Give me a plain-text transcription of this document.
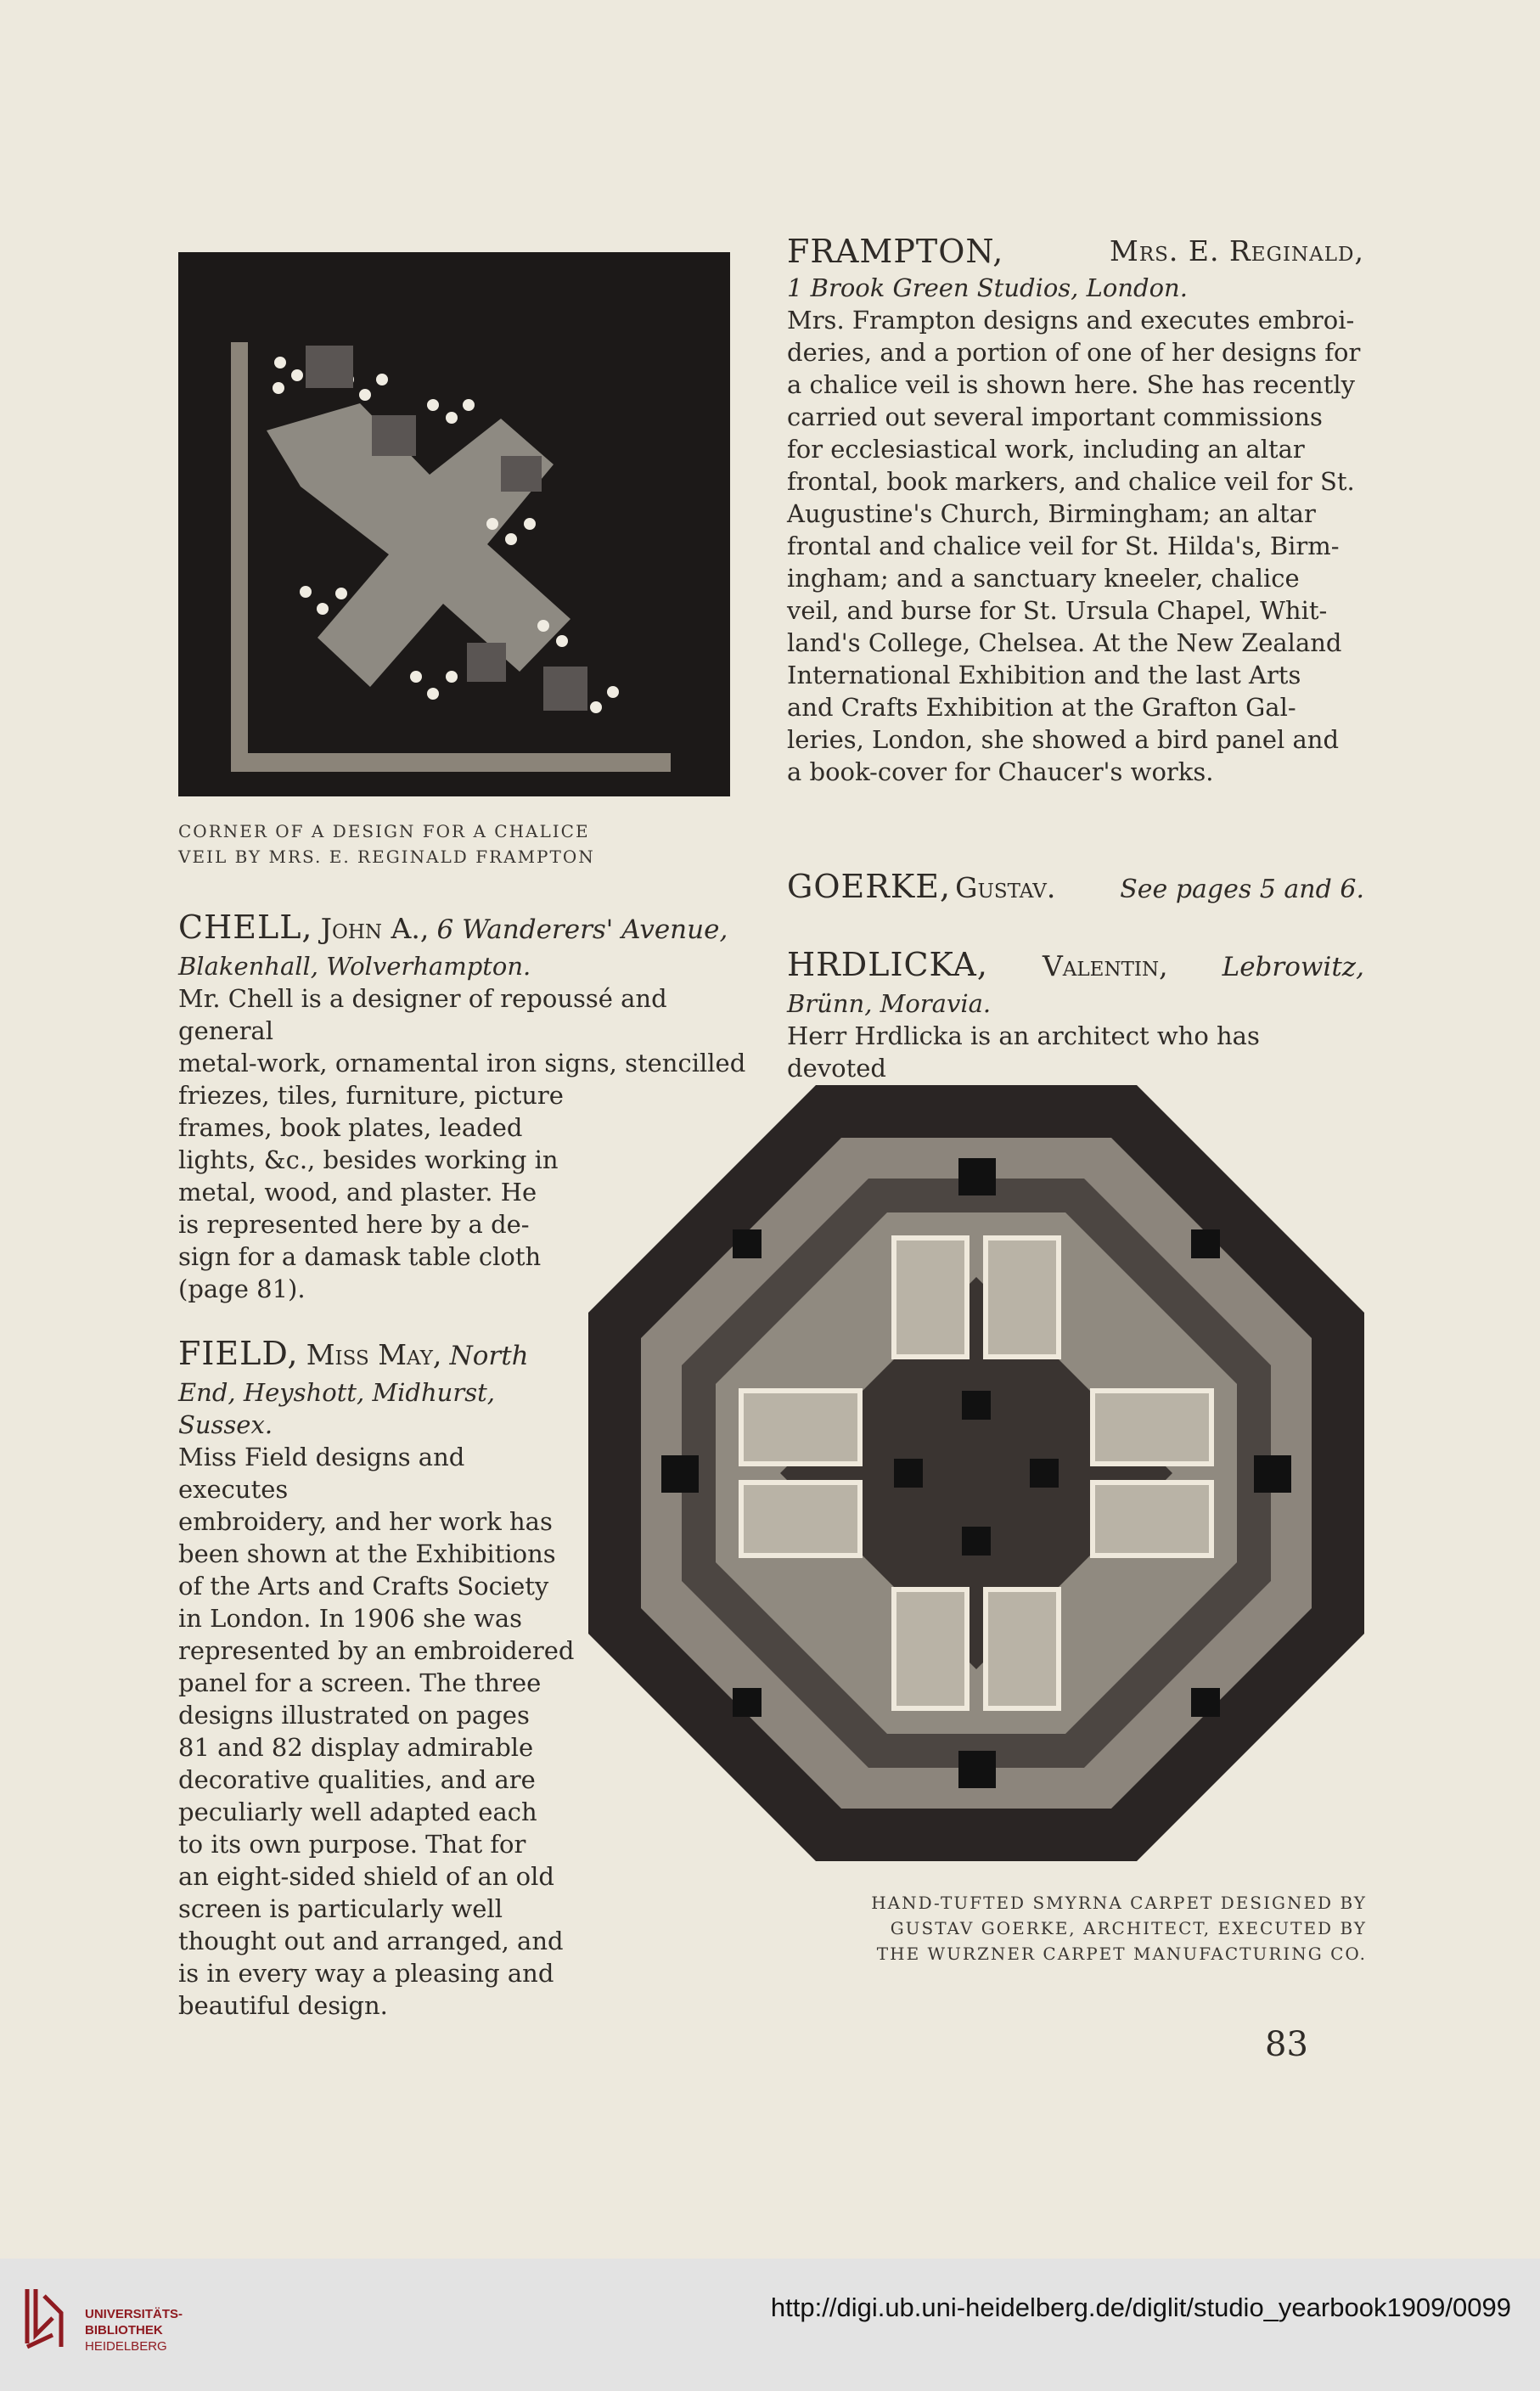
CORNER OF A DESIGN FOR A CHALICE
VEIL BY MRS. E. REGINALD FRAMPTON
FRAMPTON,	Mrs. E. Reginald,
1 Brook Green Studios, London.
Mrs. Frampton designs and executes embroi-
deries, and a portion of one of her designs for
a chalice veil is shown here. She has recently
carried out several important commissions
for ecclesiastical work, including an altar
frontal, book markers, and chalice veil for St.
Augustine's Church, Birmingham; an altar
frontal and chalice veil for St. Hilda's, Birm-
ingham; and a sanctuary kneeler, chalice
veil, and burse for St. Ursula Chapel, Whit-
land's College, Chelsea. At the New Zealand
International Exhibition and the last Arts
and Crafts Exhibition at the Grafton Gal-
leries, London, she showed a bird panel and
a book-cover for Chaucer's works.
GOERKE, Gustav.	See pages 5 and 6.
HRDLICKA, Valentin, Lebrowitz,
Brünn, Moravia.
Herr Hrdlicka is an architect who has devoted
HAND-TUFTED SMYRNA CARPET DESIGNED BY
GUSTAV GOERKE, ARCHITECT, EXECUTED BY
THE WURZNER CARPET MANUFACTURING CO.
CHELL, John A., 6 Wanderers' Avenue,
Blakenhall, Wolverhampton.
Mr. Chell is a designer of repoussé and general
metal-work, ornamental iron signs, stencilled
friezes, tiles, furniture, picture
frames, book plates, leaded
lights, &c., besides working in
metal, wood, and plaster. He
is represented here by a de-
sign for a damask table cloth
(page 81).
FIELD, Miss May, North
End, Heyshott, Midhurst, Sussex.
Miss Field designs and executes
embroidery, and her work has
been shown at the Exhibitions
of the Arts and Crafts Society
in London. In 1906 she was
represented by an embroidered
panel for a screen. The three
designs illustrated on pages
81 and 82 display admirable
decorative qualities, and are
peculiarly well adapted each
to its own purpose. That for
an eight-sided shield of an old
screen is particularly well
thought out and arranged, and
is in every way a pleasing and
beautiful design.
83
UNIVERSITÄTS-
BIBLIOTHEK
HEIDELBERG
http://digi.ub.uni-heidelberg.de/diglit/studio_yearbook1909/0099
